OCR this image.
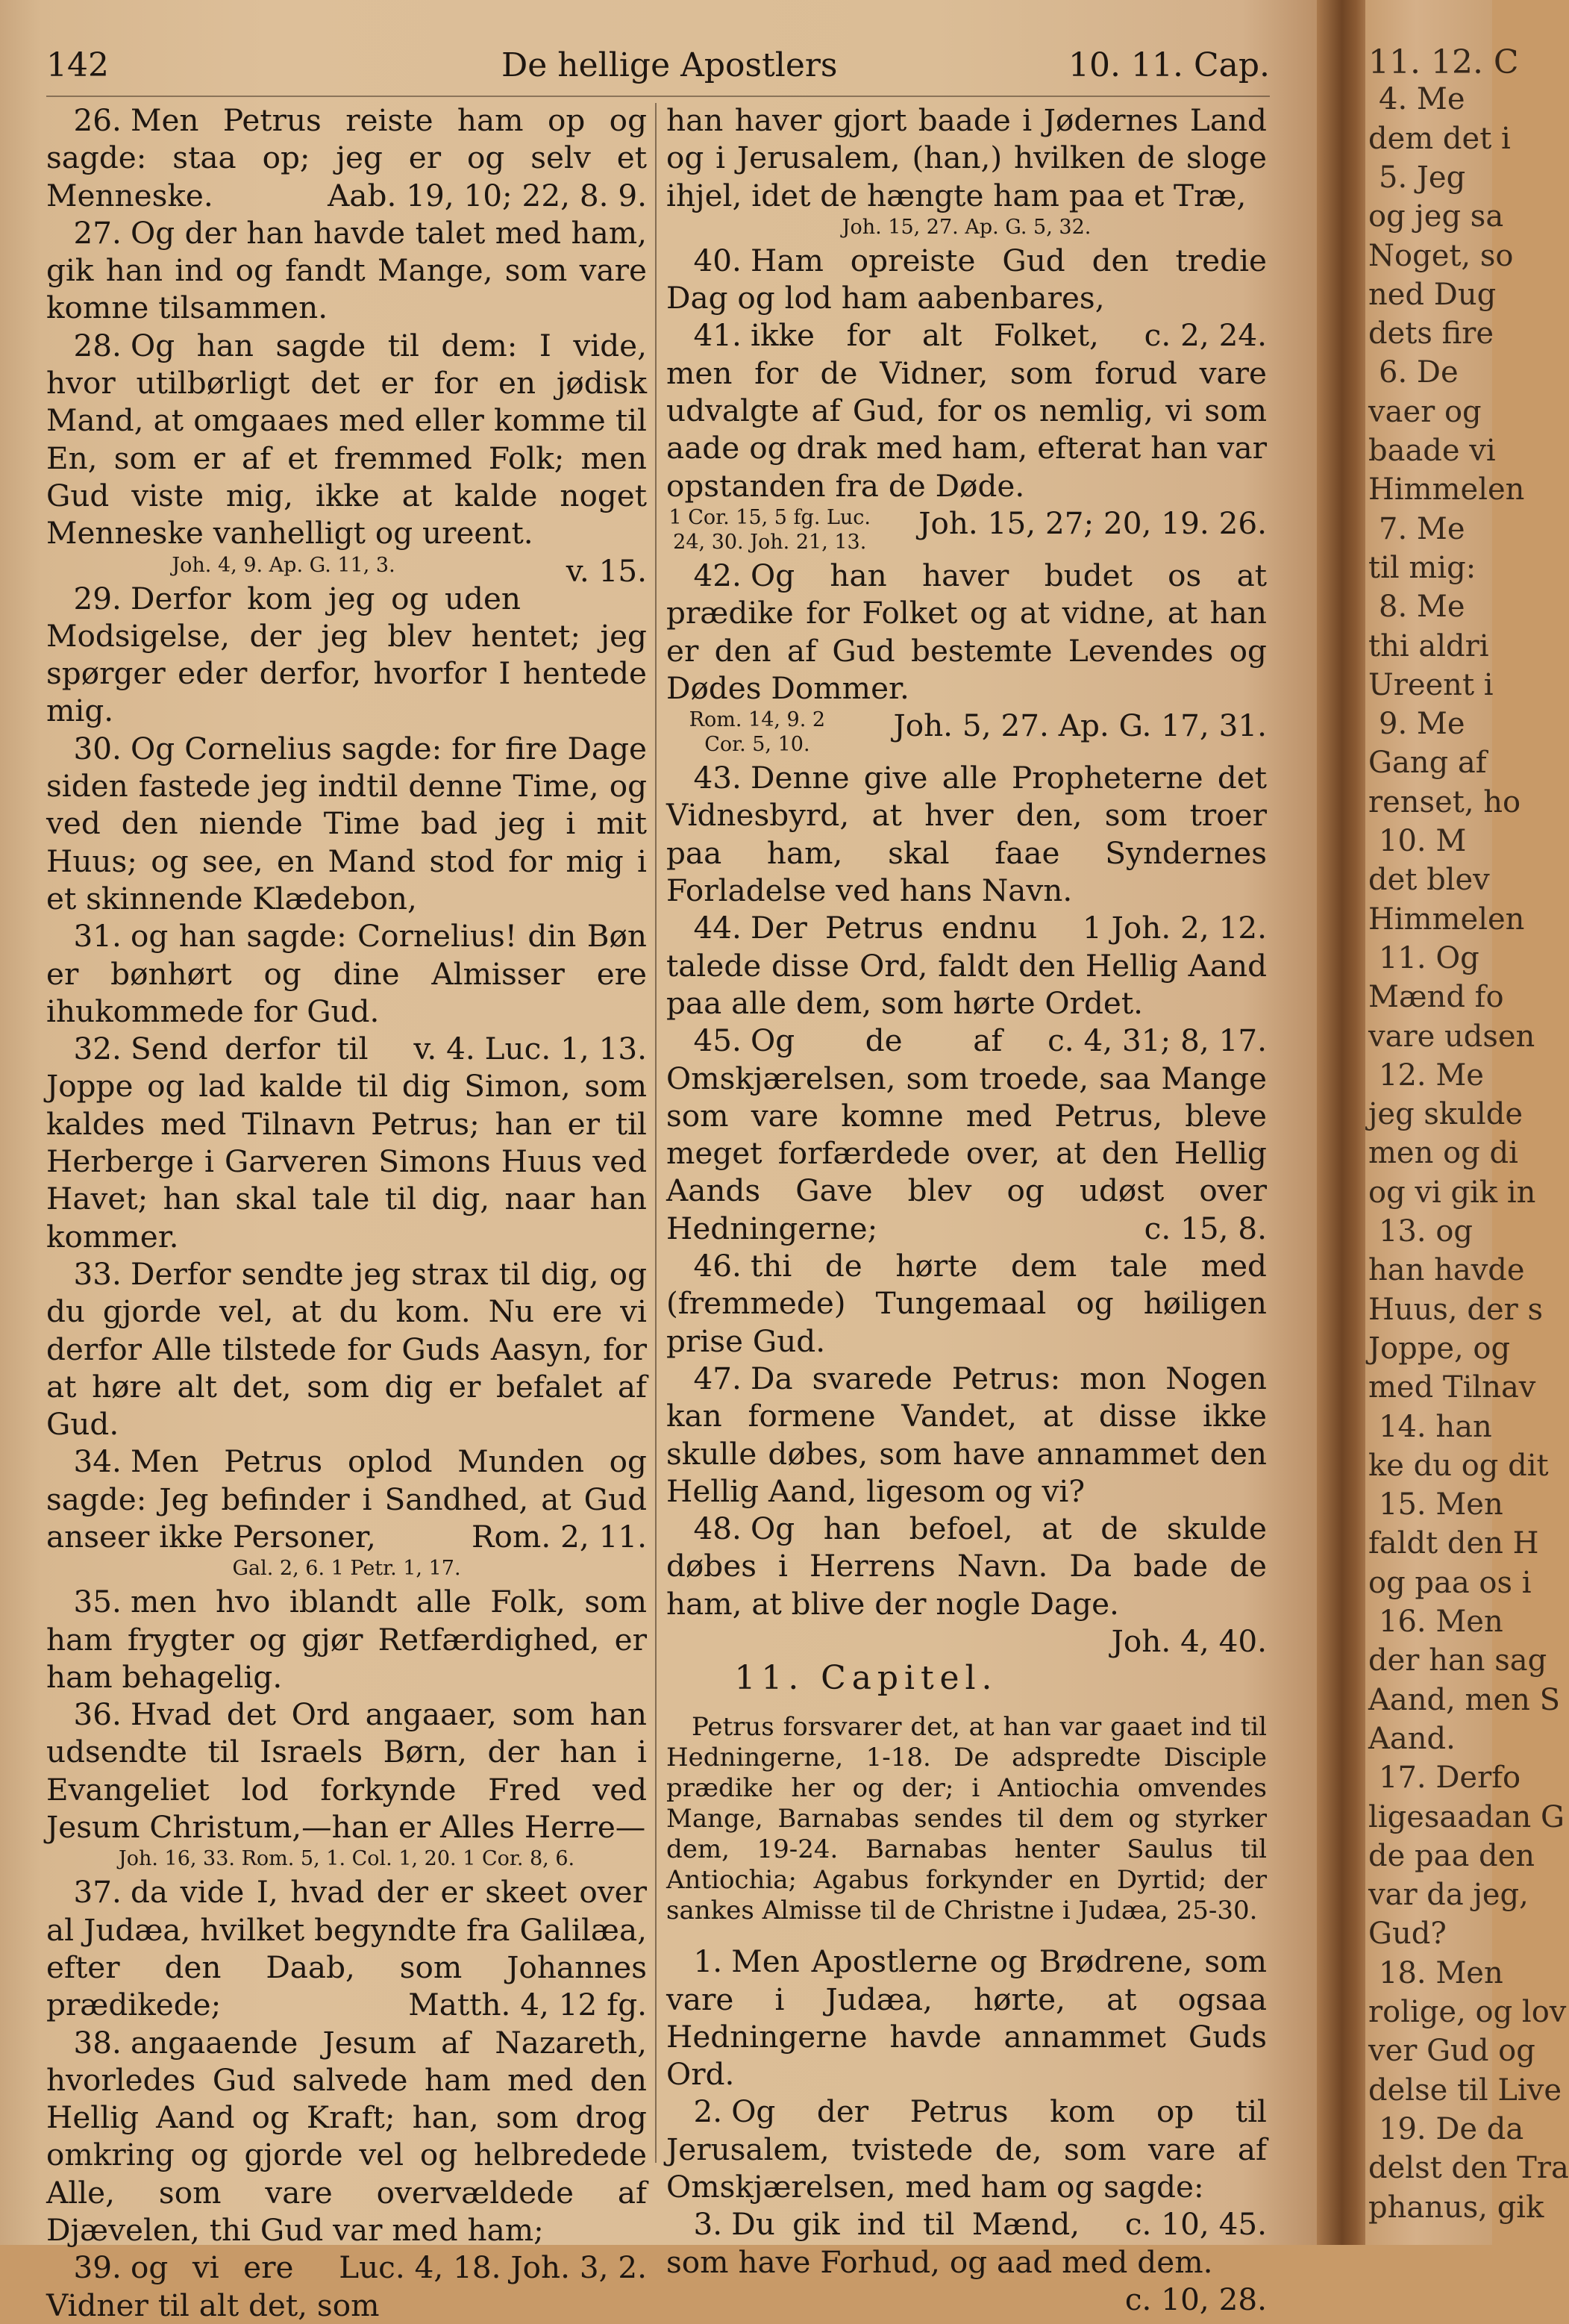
142	De hellige Apostlers	10. 11. Cap.

26. Men Petrus reiste ham op og sagde: staa op; jeg er og selv et Menneske.	Aab. 19, 10; 22, 8. 9.

27. Og der han havde talet med ham, gik han ind og fandt Mange, som vare komne tilsammen.

28. Og han sagde til dem: I vide, hvor utilbørligt det er for en jødisk Mand, at omgaaes med eller komme til En, som er af et fremmed Folk; men Gud viste mig, ikke at kalde noget Menneske vanhelligt og ureent.
v. 15.

Joh. 4, 9. Ap. G. 11, 3.

29. Derfor kom jeg og uden Modsigelse, der jeg blev hentet; jeg spørger eder derfor, hvorfor I hentede mig.

30. Og Cornelius sagde: for fire Dage siden fastede jeg indtil denne Time, og ved den niende Time bad jeg i mit Huus; og see, en Mand stod for mig i et skinnende Klædebon,

31. og han sagde: Cornelius! din Bøn er bønhørt og dine Almisser ere ihukommede for Gud.
v. 4. Luc. 1, 13.

32. Send derfor til Joppe og lad kalde til dig Simon, som kaldes med Tilnavn Petrus; han er til Herberge i Garveren Simons Huus ved Havet; han skal tale til dig, naar han kommer.

33. Derfor sendte jeg strax til dig, og du gjorde vel, at du kom. Nu ere vi derfor Alle tilstede for Guds Aasyn, for at høre alt det, som dig er befalet af Gud.

34. Men Petrus oplod Munden og sagde: Jeg befinder i Sandhed, at Gud anseer ikke Personer,	Rom. 2, 11.

Gal. 2, 6. 1 Petr. 1, 17.

35. men hvo iblandt alle Folk, som ham frygter og gjør Retfærdighed, er ham behagelig.

36. Hvad det Ord angaaer, som han udsendte til Israels Børn, der han i Evangeliet lod forkynde Fred ved Jesum Christum,—han er Alles Herre—

Joh. 16, 33. Rom. 5, 1. Col. 1, 20. 1 Cor. 8, 6.

37. da vide I, hvad der er skeet over al Judæa, hvilket begyndte fra Galilæa, efter den Daab, som Johannes prædikede;	Matth. 4, 12 fg.

38. angaaende Jesum af Nazareth, hvorledes Gud salvede ham med den Hellig Aand og Kraft; han, som drog omkring og gjorde vel og helbredede Alle, som vare overvældede af Djævelen, thi Gud var med ham;
Luc. 4, 18. Joh. 3, 2.

39. og vi ere Vidner til alt det, som

han haver gjort baade i Jødernes Land og i Jerusalem, (han,) hvilken de sloge ihjel, idet de hængte ham paa et Træ,

Joh. 15, 27. Ap. G. 5, 32.

40. Ham opreiste Gud den tredie Dag og lod ham aabenbares,
c. 2, 24.

41. ikke for alt Folket, men for de Vidner, som forud vare udvalgte af Gud, for os nemlig, vi som aade og drak med ham, efterat han var opstanden fra de Døde.
Joh. 15, 27; 20, 19. 26.

1 Cor. 15, 5 fg. Luc. 24, 30. Joh. 21, 13.

42. Og han haver budet os at prædike for Folket og at vidne, at han er den af Gud bestemte Levendes og Dødes Dommer.
Joh. 5, 27. Ap. G. 17, 31.

Rom. 14, 9. 2 Cor. 5, 10.

43. Denne give alle Propheterne det Vidnesbyrd, at hver den, som troer paa ham, skal faae Syndernes Forladelse ved hans Navn.
1 Joh. 2, 12.

44. Der Petrus endnu talede disse Ord, faldt den Hellig Aand paa alle dem, som hørte Ordet.
c. 4, 31; 8, 17.

45. Og de af Omskjærelsen, som troede, saa Mange som vare komne med Petrus, bleve meget forfærdede over, at den Hellig Aands Gave blev og udøst over Hedningerne;	c. 15, 8.

46. thi de hørte dem tale med (fremmede) Tungemaal og høiligen prise Gud.

47. Da svarede Petrus: mon Nogen kan formene Vandet, at disse ikke skulle døbes, som have annammet den Hellig Aand, ligesom og vi?

48. Og han befoel, at de skulde døbes i Herrens Navn. Da bade de ham, at blive der nogle Dage.
Joh. 4, 40.

11. Capitel.

Petrus forsvarer det, at han var gaaet ind til Hedningerne, 1-18. De adspredte Disciple prædike her og der; i Antiochia omvendes Mange, Barnabas sendes til dem og styrker dem, 19-24. Barnabas henter Saulus til Antiochia; Agabus forkynder en Dyrtid; der sankes Almisse til de Christne i Judæa, 25-30.

1. Men Apostlerne og Brødrene, som vare i Judæa, hørte, at ogsaa Hedningerne havde annammet Guds Ord.

2. Og der Petrus kom op til Jerusalem, tvistede de, som vare af Omskjærelsen, med ham og sagde:
c. 10, 45.

3. Du gik ind til Mænd, som have Forhud, og aad med dem.
c. 10, 28.

11. 12. C
4. Me
dem det i
5. Jeg
og jeg sa
Noget, so
ned Dug
dets fire
6. De
vaer og
baade vi
Himmelen
7. Me
til mig:
8. Me
thi aldri
Ureent i
9. Me
Gang af
renset, ho
10. M
det blev
Himmelen
11. Og
Mænd fo
vare udsen
12. Me
jeg skulde
men og di
og vi gik in
13. og
han havde
Huus, der s
Joppe, og
med Tilnav
14. han
ke du og dit
15. Men
faldt den H
og paa os i
16. Men
der han sag
Aand, men S
Aand.
17. Derfo
ligesaadan G
de paa den
var da jeg,
Gud?
18. Men
rolige, og lov
ver Gud og
delse til Live
19. De da
delst den Tra
phanus, gik
